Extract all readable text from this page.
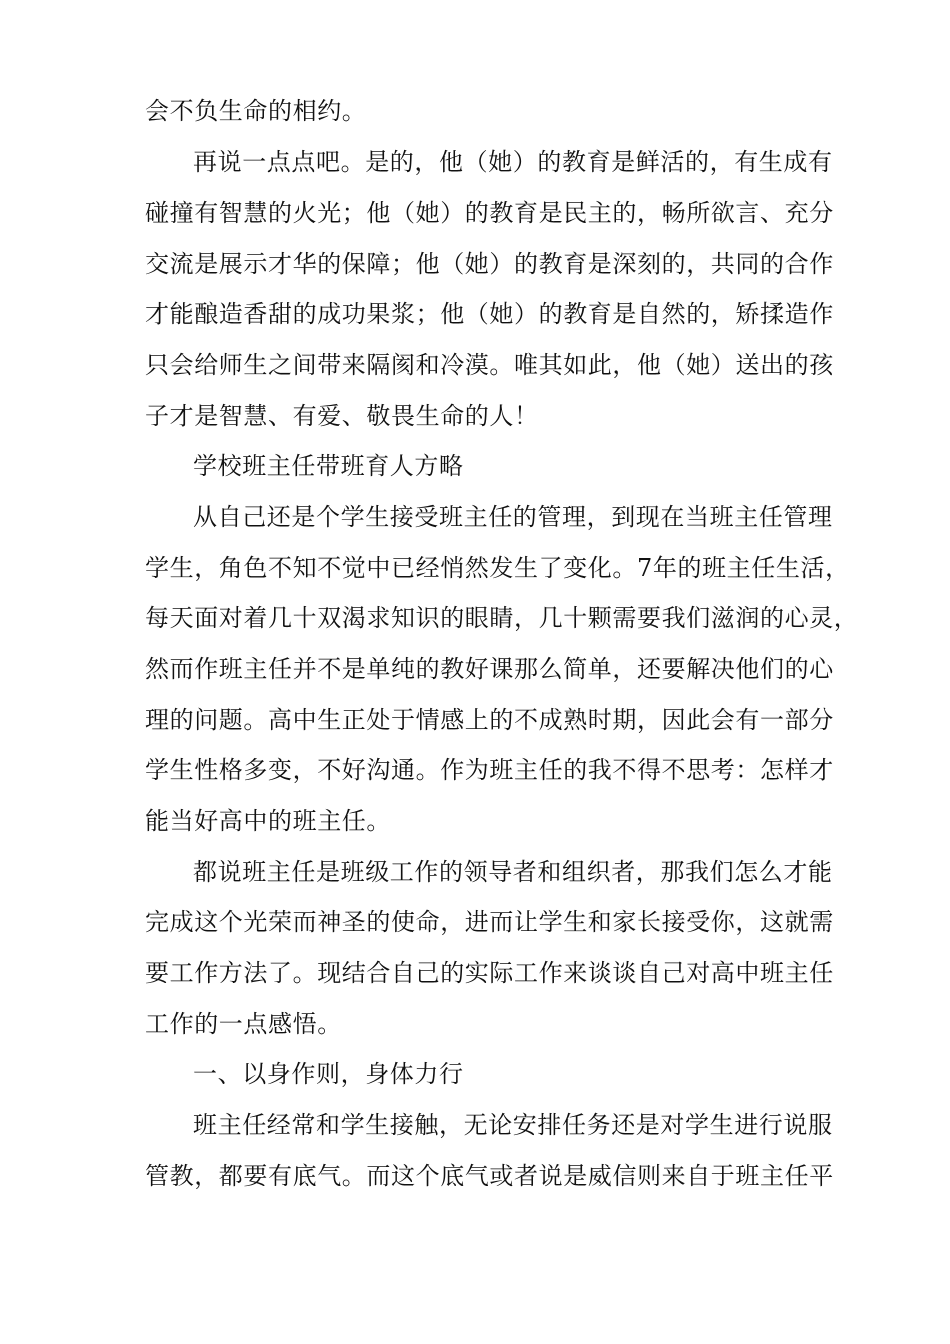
会不负生命的相约。
再说一点点吧。是的，他（她）的教育是鲜活的，有生成有
碰撞有智慧的火光；他（她）的教育是民主的，畅所欲言、充分
交流是展示才华的保障；他（她）的教育是深刻的，共同的合作
才能酿造香甜的成功果浆；他（她）的教育是自然的，矫揉造作
只会给师生之间带来隔阂和冷漠。唯其如此，他（她）送出的孩
子才是智慧、有爱、敬畏生命的人！
学校班主任带班育人方略
从自己还是个学生接受班主任的管理，到现在当班主任管理
学生，角色不知不觉中已经悄然发生了变化。7年的班主任生活，
每天面对着几十双渴求知识的眼睛，几十颗需要我们滋润的心灵，
然而作班主任并不是单纯的教好课那么简单，还要解决他们的心
理的问题。高中生正处于情感上的不成熟时期，因此会有一部分
学生性格多变，不好沟通。作为班主任的我不得不思考：怎样才
能当好高中的班主任。
都说班主任是班级工作的领导者和组织者，那我们怎么才能
完成这个光荣而神圣的使命，进而让学生和家长接受你，这就需
要工作方法了。现结合自己的实际工作来谈谈自己对高中班主任
工作的一点感悟。
一、以身作则，身体力行
班主任经常和学生接触，无论安排任务还是对学生进行说服
管教，都要有底气。而这个底气或者说是威信则来自于班主任平
